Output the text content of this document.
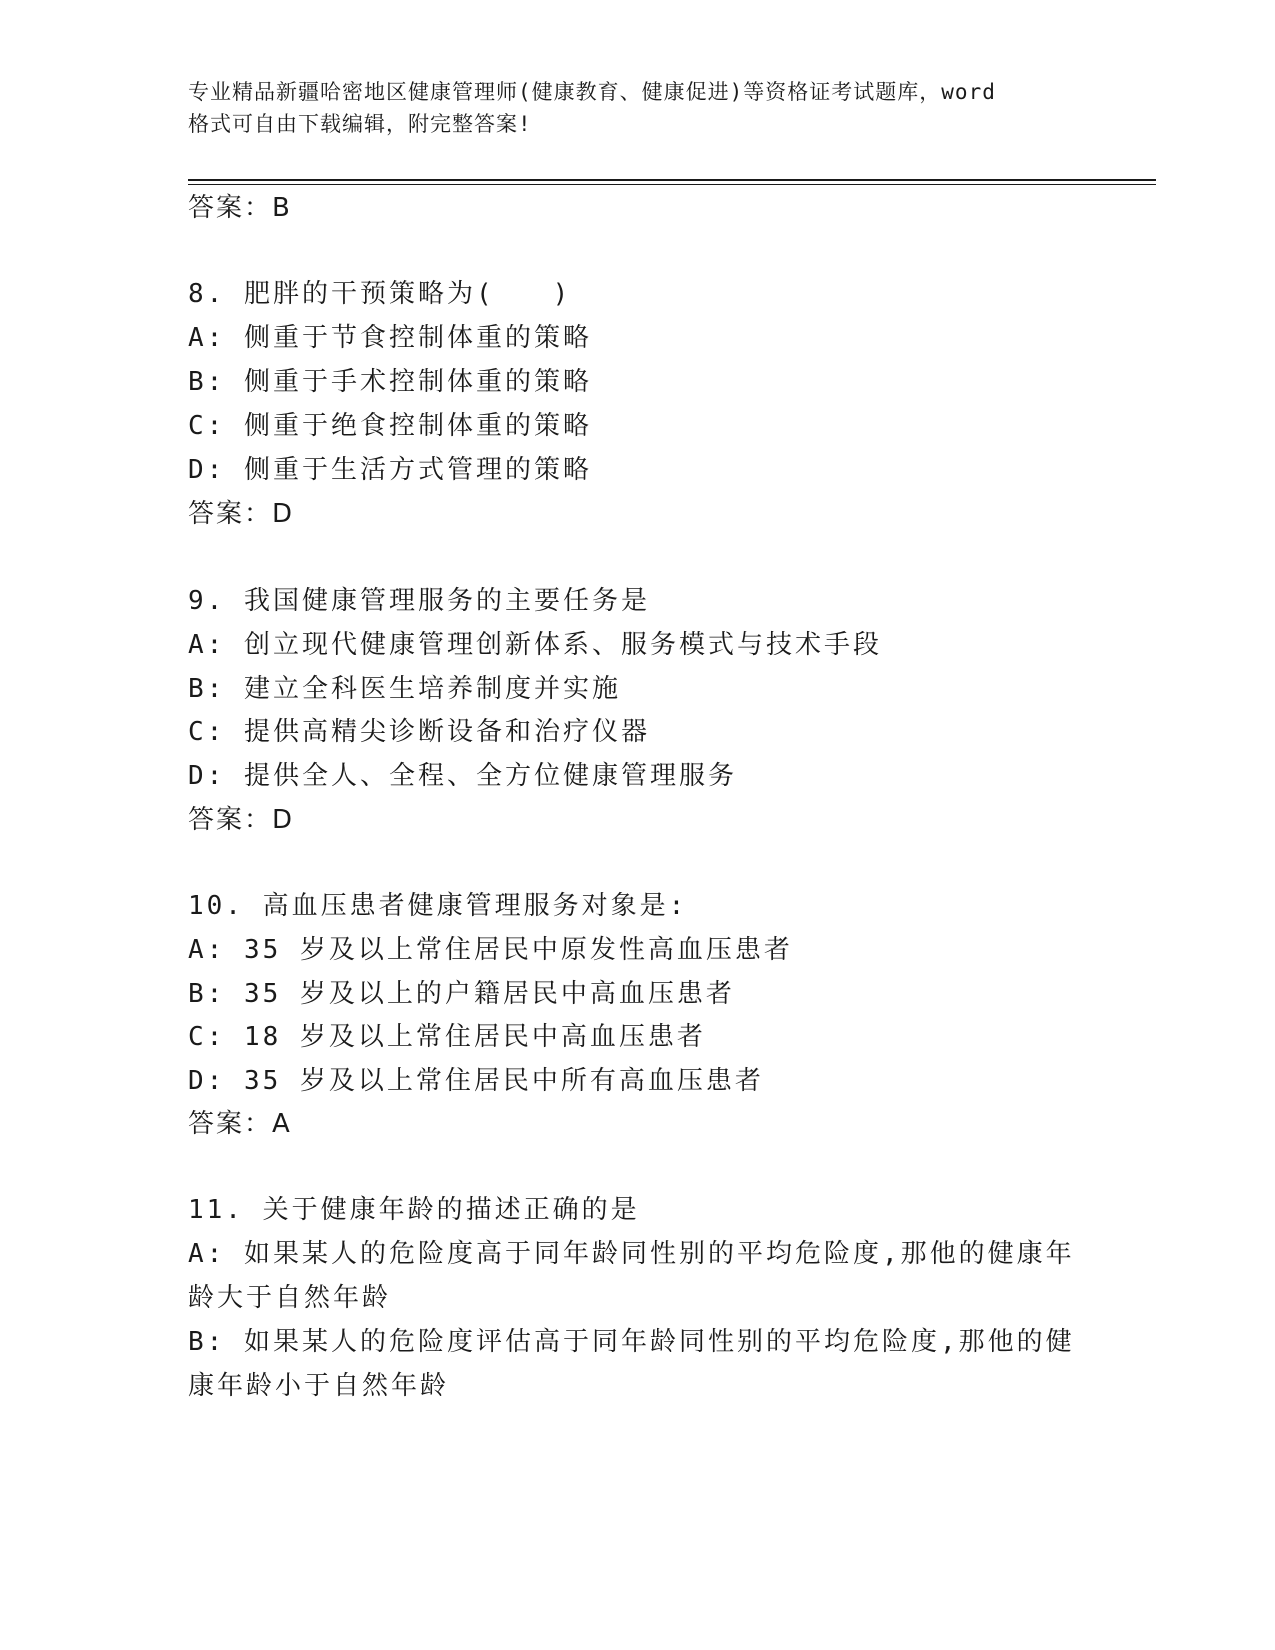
专业精品新疆哈密地区健康管理师(健康教育、健康促进)等资格证考试题库，word
格式可自由下载编辑，附完整答案!
答案：B
8. 肥胖的干预策略为(　　)
A: 侧重于节食控制体重的策略
B: 侧重于手术控制体重的策略
C: 侧重于绝食控制体重的策略
D: 侧重于生活方式管理的策略
答案：D
9. 我国健康管理服务的主要任务是
A: 创立现代健康管理创新体系、服务模式与技术手段
B: 建立全科医生培养制度并实施
C: 提供高精尖诊断设备和治疗仪器
D: 提供全人、全程、全方位健康管理服务
答案：D
10. 高血压患者健康管理服务对象是:
A: 35 岁及以上常住居民中原发性高血压患者
B: 35 岁及以上的户籍居民中高血压患者
C: 18 岁及以上常住居民中高血压患者
D: 35 岁及以上常住居民中所有高血压患者
答案：A
11. 关于健康年龄的描述正确的是
A: 如果某人的危险度高于同年龄同性别的平均危险度,那他的健康年
龄大于自然年龄
B: 如果某人的危险度评估高于同年龄同性别的平均危险度,那他的健
康年龄小于自然年龄
